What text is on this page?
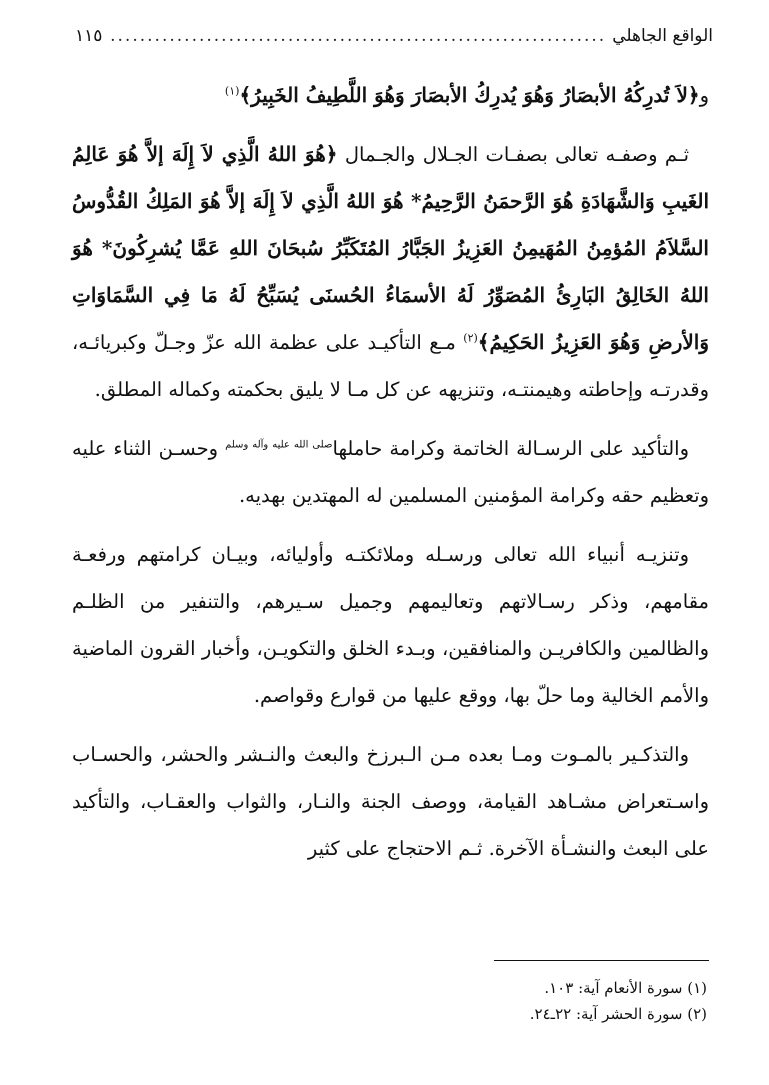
الواقع الجاهلي
.....
١١٥

و﴿لاَ تُدرِكُهُ الأبصَارُ وَهُوَ يُدرِكُ الأبصَارَ وَهُوَ اللَّطِيفُ الخَبِيرُ﴾$^{(١)}$

ثـم وصفـه تعالى بصفـات الجـلال والجـمال ﴿هُوَ اللهُ الَّذِي لاَ إِلَهَ إلاَّ هُوَ عَالِمُ الغَيبِ وَالشَّهَادَةِ هُوَ الرَّحمَنُ الرَّحِيمُ* هُوَ اللهُ الَّذِي لاَ إِلَهَ إلاَّ هُوَ المَلِكُ القُدُّوسُ السَّلاَمُ المُؤمِنُ المُهَيمِنُ العَزِيزُ الجَبَّارُ المُتَكَبِّرُ سُبحَانَ اللهِ عَمَّا يُشرِكُونَ* هُوَ اللهُ الخَالِقُ البَارِئُ المُصَوِّرُ لَهُ الأسمَاءُ الحُسنَى يُسَبِّحُ لَهُ مَا فِي السَّمَاوَاتِ وَالأرضِ وَهُوَ العَزِيزُ الحَكِيمُ﴾$^{(٢)}$ مـع التأكيـد على عظمة الله عزّ وجـلّ وكبريائـه، وقدرتـه وإحاطته وهيمنتـه، وتنزيهه عن كل مـا لا يليق بحكمته وكماله المطلق.

والتأكيد على الرسـالة الخاتمة وكرامة حاملها$^{صلى الله عليه وآله وسلم}$ وحسـن الثناء عليه وتعظيم حقه وكرامة المؤمنين المسلمين له المهتدين بهديه.

وتنزيـه أنبياء الله تعالى ورسـله وملائكتـه وأوليائه، وبيـان كرامتهم ورفعـة مقامهم، وذكر رسـالاتهم وتعاليمهم وجميل سـيرهم، والتنفير من الظلـم والظالمين والكافريـن والمنافقين، وبـدء الخلق والتكويـن، وأخبار القرون الماضية والأمم الخالية وما حلّ بها، ووقع عليها من قوارع وقواصم.

والتذكـير بالمـوت ومـا بعده مـن الـبرزخ والبعث والنـشر والحشر، والحسـاب واسـتعراض مشـاهد القيامة، ووصف الجنة والنـار، والثواب والعقـاب، والتأكيد على البعث والنشـأة الآخرة. ثـم الاحتجاج على كثير

(١) سورة الأنعام آية: ١٠٣.

(٢) سورة الحشر آية: ٢٢ـ٢٤.
